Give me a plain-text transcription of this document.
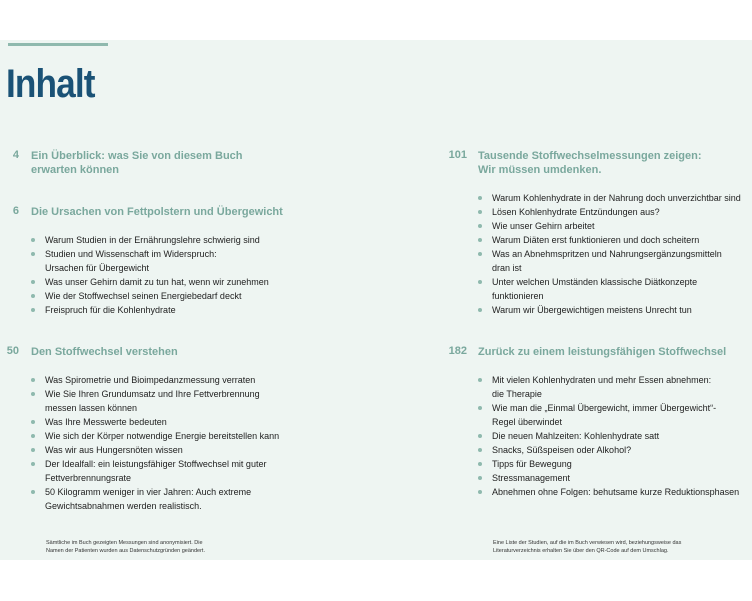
Inhalt
4 Ein Überblick: was Sie von diesem Buch
erwarten können
6 Die Ursachen von Fettpolstern und Übergewicht
Warum Studien in der Ernährungslehre schwierig sind
Studien und Wissenschaft im Widerspruch:
Ursachen für Übergewicht
Was unser Gehirn damit zu tun hat, wenn wir zunehmen
Wie der Stoffwechsel seinen Energiebedarf deckt
Freispruch für die Kohlenhydrate
50 Den Stoffwechsel verstehen
Was Spirometrie und Bioimpedanzmessung verraten
Wie Sie Ihren Grundumsatz und Ihre Fettverbrennung
messen lassen können
Was Ihre Messwerte bedeuten
Wie sich der Körper notwendige Energie bereitstellen kann
Was wir aus Hungersnöten wissen
Der Idealfall: ein leistungsfähiger Stoffwechsel mit guter
Fettverbrennungsrate
50 Kilogramm weniger in vier Jahren: Auch extreme
Gewichtsabnahmen werden realistisch.
Sämtliche im Buch gezeigten Messungen sind anonymisiert. Die
Namen der Patienten wurden aus Datenschutzgründen geändert.
101 Tausende Stoffwechselmessungen zeigen:
Wir müssen umdenken.
Warum Kohlenhydrate in der Nahrung doch unverzichtbar sind
Lösen Kohlenhydrate Entzündungen aus?
Wie unser Gehirn arbeitet
Warum Diäten erst funktionieren und doch scheitern
Was an Abnehmspritzen und Nahrungsergänzungsmitteln
dran ist
Unter welchen Umständen klassische Diätkonzepte
funktionieren
Warum wir Übergewichtigen meistens Unrecht tun
182 Zurück zu einem leistungsfähigen Stoffwechsel
Mit vielen Kohlenhydraten und mehr Essen abnehmen:
die Therapie
Wie man die „Einmal Übergewicht, immer Übergewicht“-
Regel überwindet
Die neuen Mahlzeiten: Kohlenhydrate satt
Snacks, Süßspeisen oder Alkohol?
Tipps für Bewegung
Stressmanagement
Abnehmen ohne Folgen: behutsame kurze Reduktionsphasen
Eine Liste der Studien, auf die im Buch verwiesen wird, beziehungsweise das
Literaturverzeichnis erhalten Sie über den QR-Code auf dem Umschlag.
